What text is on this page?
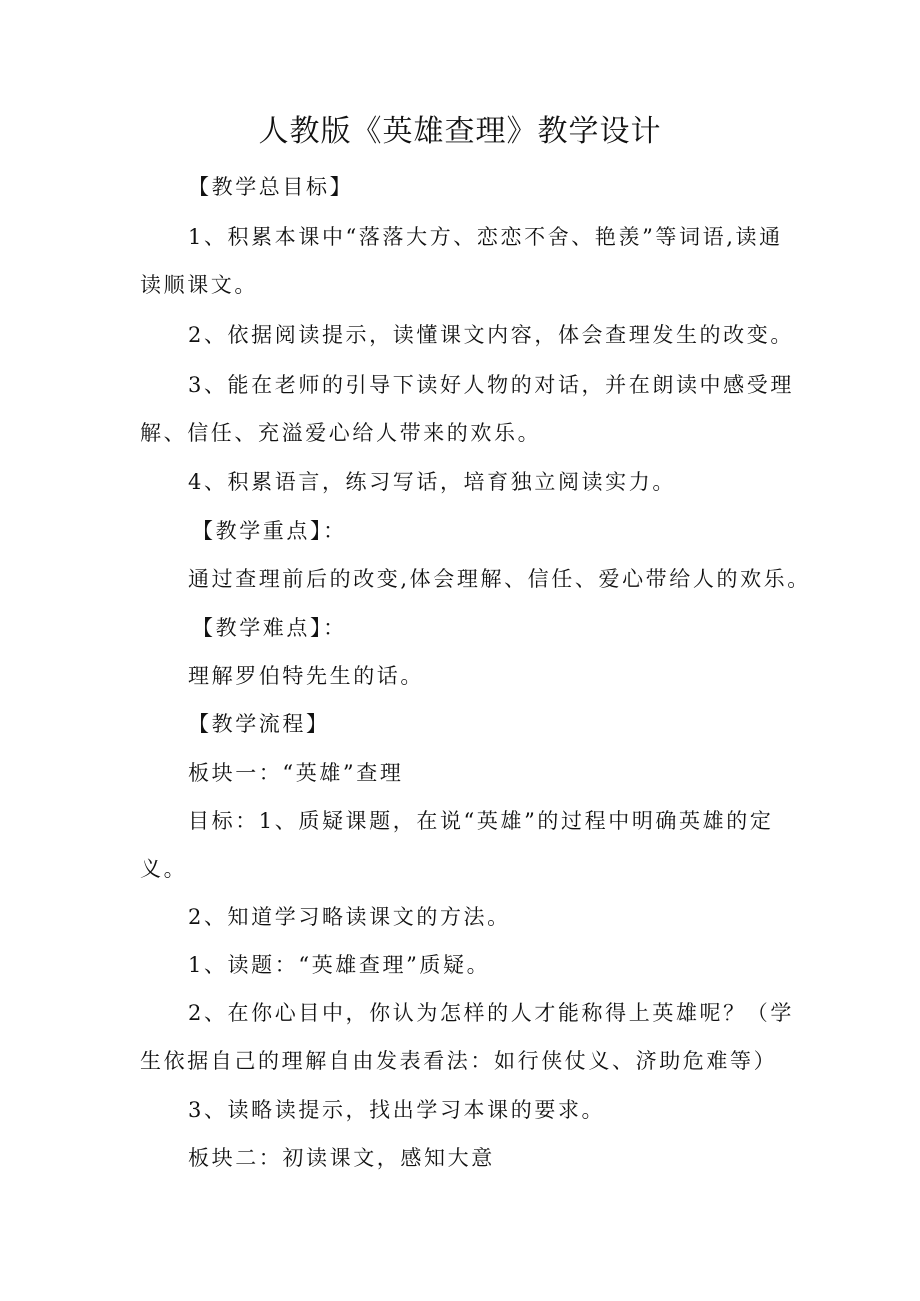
人教版《英雄查理》教学设计
【教学总目标】
1、积累本课中“落落大方、恋恋不舍、艳羡”等词语,读通
读顺课文。
2、依据阅读提示，读懂课文内容，体会查理发生的改变。
3、能在老师的引导下读好人物的对话，并在朗读中感受理
解、信任、充溢爱心给人带来的欢乐。
4、积累语言，练习写话，培育独立阅读实力。
【教学重点】：
通过查理前后的改变,体会理解、信任、爱心带给人的欢乐。
【教学难点】：
理解罗伯特先生的话。
【教学流程】
板块一：“英雄”查理
目标：1、质疑课题，在说“英雄”的过程中明确英雄的定
义。
2、知道学习略读课文的方法。
1、读题：“英雄查理”质疑。
2、在你心目中，你认为怎样的人才能称得上英雄呢？（学
生依据自己的理解自由发表看法：如行侠仗义、济助危难等）
3、读略读提示，找出学习本课的要求。
板块二：初读课文，感知大意
